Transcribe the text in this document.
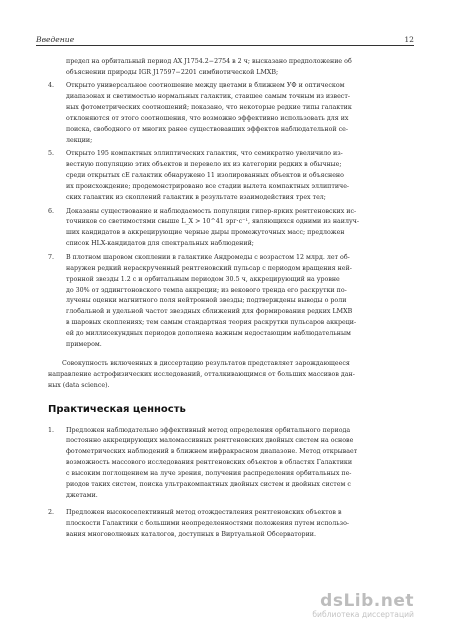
Введение	12
предел на орбитальный период AX J1754.2−2754 в 2 ч; высказано предположение об
объяснении природы IGR J17597−2201 симбиотической LMXB;
4. Открыто универсальное соотношение между цветами в ближнем УФ и оптическом
диапазонах и светимостью нормальных галактик, ставшее самым точным из извест-
ных фотометрических соотношений; показано, что некоторые редкие типы галактик
отклоняются от этого соотношения, что возможно эффективно использовать для их
поиска, свободного от многих ранее существовавших эффектов наблюдательной се-
лекции;
5. Открыто 195 компактных эллиптических галактик, что семикратно увеличило из-
вестную популяцию этих объектов и перевело их из категории редких в обычные;
среди открытых cE галактик обнаружено 11 изолированных объектов и объяснено
их происхождение; продемонстрировано все стадии вылета компактных эллиптиче-
ских галактик из скоплений галактик в результате взаимодействия трех тел;
6. Доказаны существование и наблюдаемость популяции гипер-ярких рентгеновских ис-
точников со светимостями свыше L_X > 10^41 эрг·с⁻¹, являющихся одними из наилуч-
ших кандидатов в аккрецирующие черные дыры промежуточных масс; предложен
список HLX-кандидатов для спектральных наблюдений;
7. В плотном шаровом скоплении в галактике Андромеды с возрастом 12 млрд. лет об-
наружен редкий нераскрученный рентгеновский пульсар с периодом вращения ней-
тронной звезды 1.2 с и орбитальным периодом 30.5 ч, аккрецирующий на уровне
до 30% от эддингтоновского темпа аккреции; из векового тренда его раскрутки по-
лучены оценки магнитного поля нейтронной звезды; подтверждены выводы о роли
глобальной и удельной частот звездных сближений для формирования редких LMXB
в шаровых скоплениях; тем самым стандартная теория раскрутки пульсаров аккреци-
ей до миллисекундных периодов дополнена важным недостающим наблюдательным
примером.
Совокупность включенных в диссертацию результатов представляет зарождающееся
направление астрофизических исследований, отталкивающимся от больших массивов дан-
ных (data science).
Практическая ценность
1. Предложен наблюдательно эффективный метод определения орбитального периода
постоянно аккрецирующих маломассивных рентгеновских двойных систем на основе
фотометрических наблюдений в ближнем инфракрасном диапазоне. Метод открывает
возможность массового исследования рентгеновских объектов в областях Галактики
с высоким поглощением на луче зрения, получения распределения орбитальных пе-
риодов таких систем, поиска ультракомпактных двойных систем и двойных систем с
джетами.
2. Предложен высокоселективный метод отождествления рентгеновских объектов в
плоскости Галактики с большими неопределенностями положения путем использо-
вания многоволновых каталогов, доступных в Виртуальной Обсерватории.
dsLib.net
библиотека диссертаций
